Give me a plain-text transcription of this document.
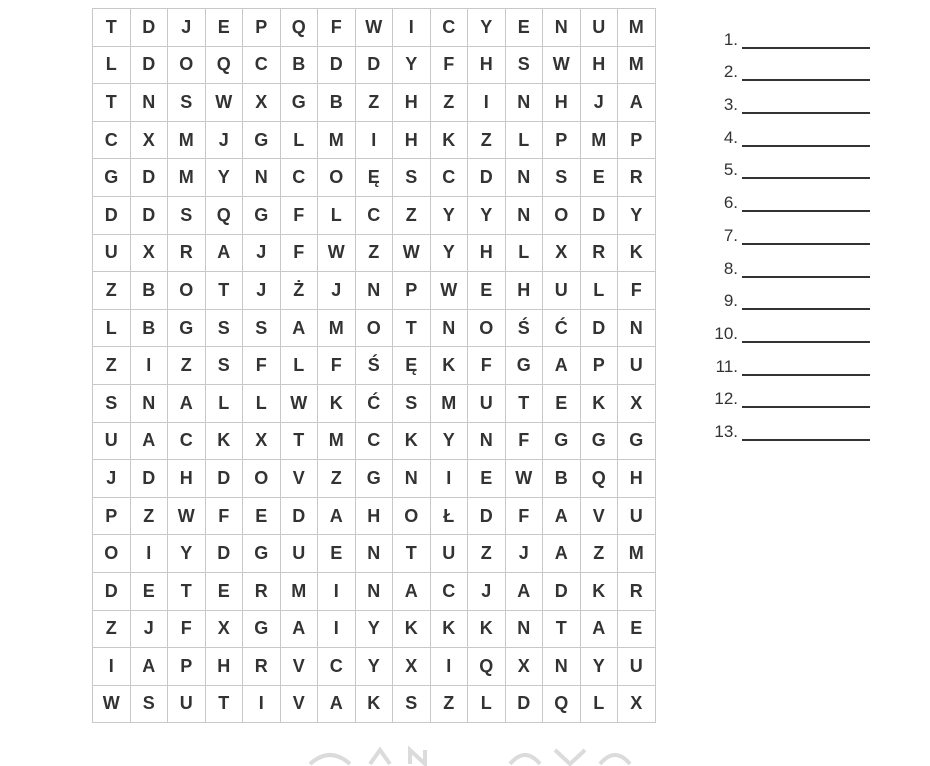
T	D	J	E	P	Q	F	W	I	C	Y	E	N	U	M
L	D	O	Q	C	B	D	D	Y	F	H	S	W	H	M
T	N	S	W	X	G	B	Z	H	Z	I	N	H	J	A
C	X	M	J	G	L	M	I	H	K	Z	L	P	M	P
G	D	M	Y	N	C	O	Ę	S	C	D	N	S	E	R
D	D	S	Q	G	F	L	C	Z	Y	Y	N	O	D	Y
U	X	R	A	J	F	W	Z	W	Y	H	L	X	R	K
Z	B	O	T	J	Ż	J	N	P	W	E	H	U	L	F
L	B	G	S	S	A	M	O	T	N	O	Ś	Ć	D	N
Z	I	Z	S	F	L	F	Ś	Ę	K	F	G	A	P	U
S	N	A	L	L	W	K	Ć	S	M	U	T	E	K	X
U	A	C	K	X	T	M	C	K	Y	N	F	G	G	G
J	D	H	D	O	V	Z	G	N	I	E	W	B	Q	H
P	Z	W	F	E	D	A	H	O	Ł	D	F	A	V	U
O	I	Y	D	G	U	E	N	T	U	Z	J	A	Z	M
D	E	T	E	R	M	I	N	A	C	J	A	D	K	R
Z	J	F	X	G	A	I	Y	K	K	K	N	T	A	E
I	A	P	H	R	V	C	Y	X	I	Q	X	N	Y	U
W	S	U	T	I	V	A	K	S	Z	L	D	Q	L	X
1.
2.
3.
4.
5.
6.
7.
8.
9.
10.
11.
12.
13.
